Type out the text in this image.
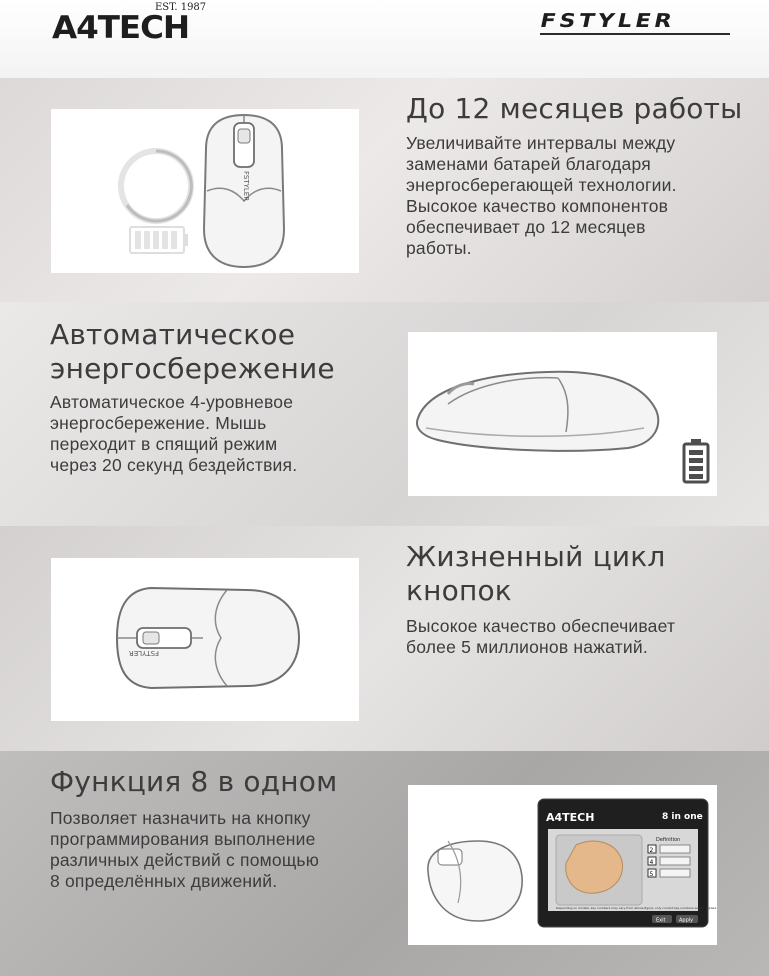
A4TECH
EST. 1987
FSTYLER
FSTYLER
До 12 месяцев работы

Увеличивайте интервалы между
заменами батарей благодаря
энергосберегающей технологии.
Высокое качество компонентов
обеспечивает до 12 месяцев
работы.

Автоматическое
энергосбережение

Автоматическое 4-уровневое
энергосбережение. Мышь
переходит в спящий режим
через 20 секунд бездействия.

FSTYLER
Жизненный цикл
кнопок

Высокое качество обеспечивает
более 5 миллионов нажатий.

Функция 8 в одном

Позволяет назначить на кнопку
программирования выполнение
различных действий с помощью
8 определённых движений.

A4TECH	8 in one
Definition
2
4
5
Depending on models, key numbers may vary from above figure, only current key numbers will be applied.
Exit	Apply
